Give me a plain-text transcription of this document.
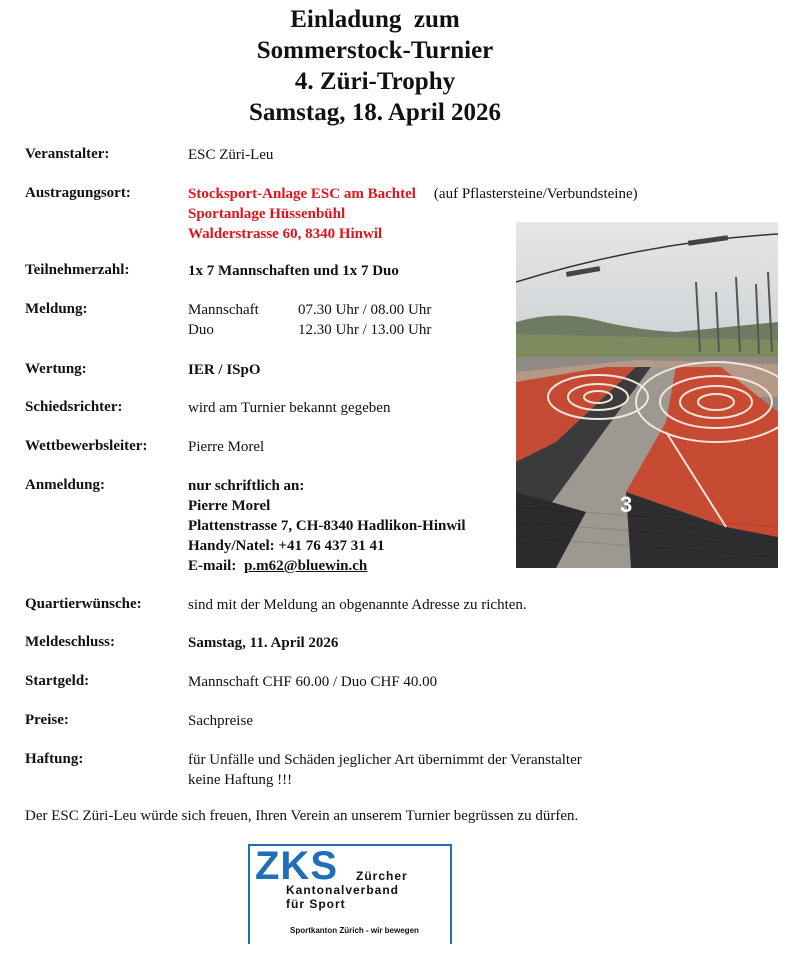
Einladung  zum
Sommerstock-Turnier
4. Züri-Trophy
Samstag, 18. April 2026
Veranstalter:	ESC Züri-Leu
Austragungsort:	Stocksport-Anlage ESC am Bachtel (auf Pflastersteine/Verbundsteine)
Sportanlage Hüssenbühl
Walderstrasse 60, 8340 Hinwil
Teilnehmerzahl:	1x 7 Mannschaften und 1x 7 Duo
Meldung:	Mannschaft	07.30 Uhr / 08.00 Uhr
Duo	12.30 Uhr / 13.00 Uhr
Wertung:	IER / ISpO
Schiedsrichter:	wird am Turnier bekannt gegeben
Wettbewerbsleiter:	Pierre Morel
Anmeldung:	nur schriftlich an:
Pierre Morel
Plattenstrasse 7, CH-8340 Hadlikon-Hinwil
Handy/Natel: +41 76 437 31 41
E-mail: p.m62@bluewin.ch
3
Quartierwünsche:	sind mit der Meldung an obgenannte Adresse zu richten.
Meldeschluss:	Samstag, 11. April 2026
Startgeld:	Mannschaft CHF 60.00 / Duo CHF 40.00
Preise:	Sachpreise
Haftung:	für Unfälle und Schäden jeglicher Art übernimmt der Veranstalter
keine Haftung !!!
Der ESC Züri-Leu würde sich freuen, Ihren Verein an unserem Turnier begrüssen zu dürfen.
ZKS Zürcher
Kantonalverband
für Sport
Sportkanton Zürich - wir bewegen
